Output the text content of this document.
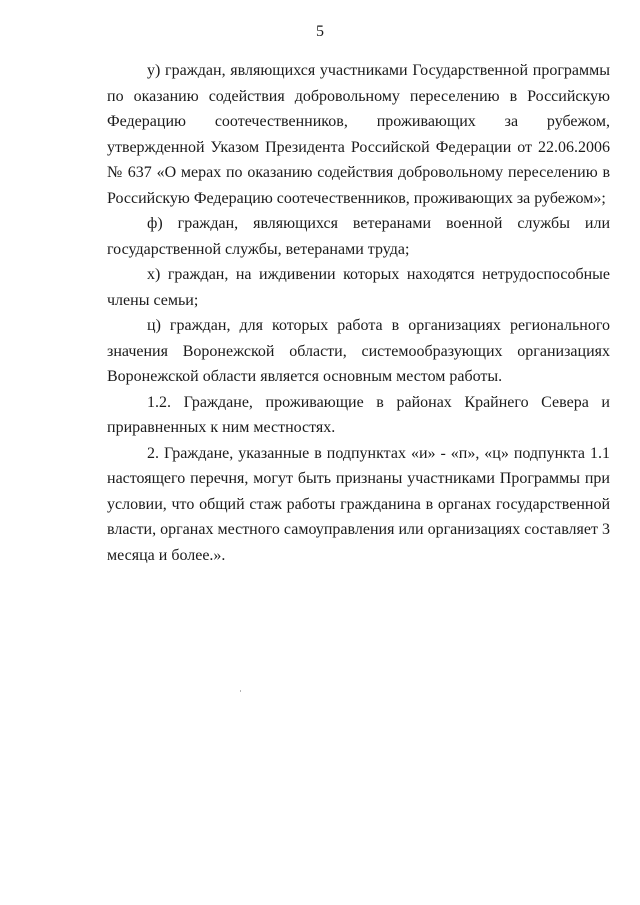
5

у) граждан, являющихся участниками Государственной программы по оказанию содействия добровольному переселению в Российскую Федерацию соотечественников, проживающих за рубежом, утвержденной Указом Президента Российской Федерации от 22.06.2006 № 637 «О мерах по оказанию содействия добровольному переселению в Российскую Федерацию соотечественников, проживающих за рубежом»;

ф) граждан, являющихся ветеранами военной службы или государственной службы, ветеранами труда;

х) граждан, на иждивении которых находятся нетрудоспособные члены семьи;

ц) граждан, для которых работа в организациях регионального значения Воронежской области, системообразующих организациях Воронежской области является основным местом работы.

1.2. Граждане, проживающие в районах Крайнего Севера и приравненных к ним местностях.

2. Граждане, указанные в подпунктах «и» - «п», «ц» подпункта 1.1 настоящего перечня, могут быть признаны участниками Программы при условии, что общий стаж работы гражданина в органах государственной власти, органах местного самоуправления или организациях составляет 3 месяца и более.».
